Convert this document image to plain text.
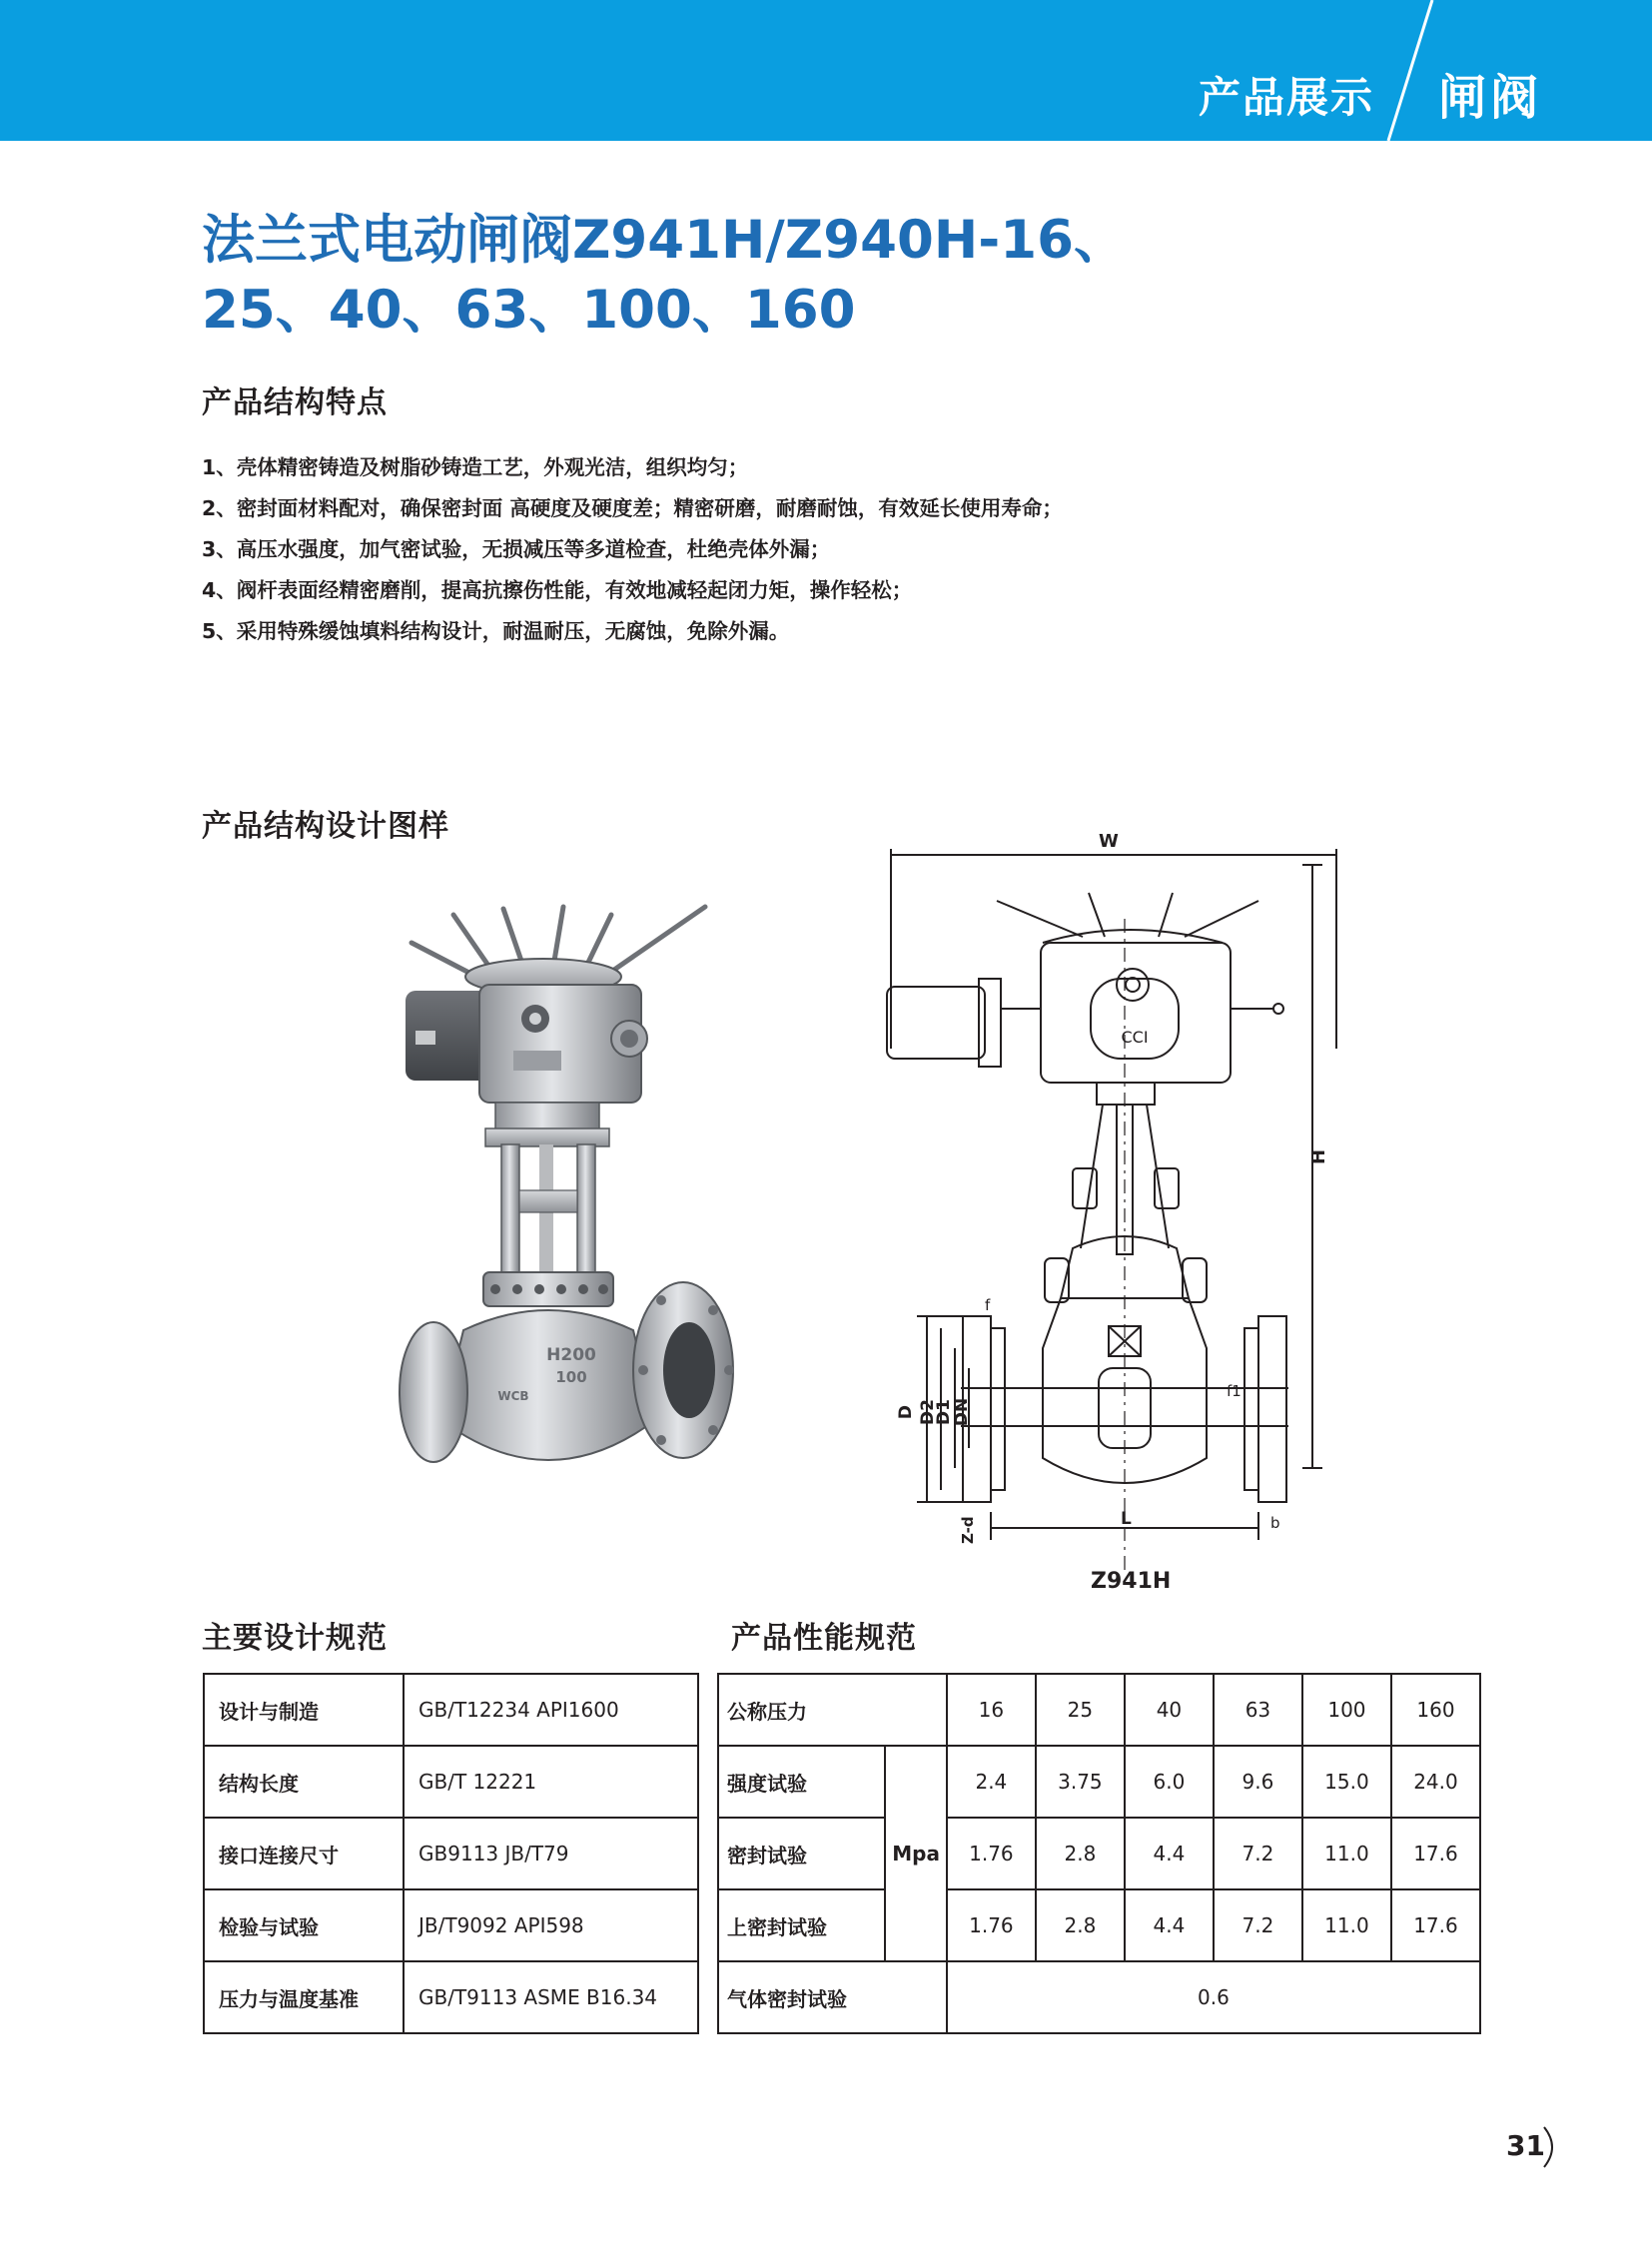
产品展示 闸阀
法兰式电动闸阀Z941H/Z940H-16、
25、40、63、100、160
产品结构特点
1、壳体精密铸造及树脂砂铸造工艺，外观光洁，组织均匀；
2、密封面材料配对，确保密封面 高硬度及硬度差；精密研磨，耐磨耐蚀，有效延长使用寿命；
3、高压水强度，加气密试验，无损减压等多道检查，杜绝壳体外漏；
4、阀杆表面经精密磨削，提高抗擦伤性能，有效地减轻起闭力矩，操作轻松；
5、采用特殊缓蚀填料结构设计，耐温耐压，无腐蚀，免除外漏。
产品结构设计图样
H200
100
WCB
W
CCI
H
D D2
D1
DN
f
f1
L	b
Z-d
Z941H
主要设计规范	产品性能规范
设计与制造	GB/T12234 API1600
结构长度	GB/T 12221
接口连接尺寸	GB9113 JB/T79
检验与试验	JB/T9092 API598
压力与温度基准	GB/T9113 ASME B16.34
公称压力		16	25	40	63	100	160
强度试验	Mpa	2.4	3.75	6.0	9.6	15.0	24.0
密封试验		1.76	2.8	4.4	7.2	11.0	17.6
上密封试验		1.76	2.8	4.4	7.2	11.0	17.6
气体密封试验		0.6					
31
